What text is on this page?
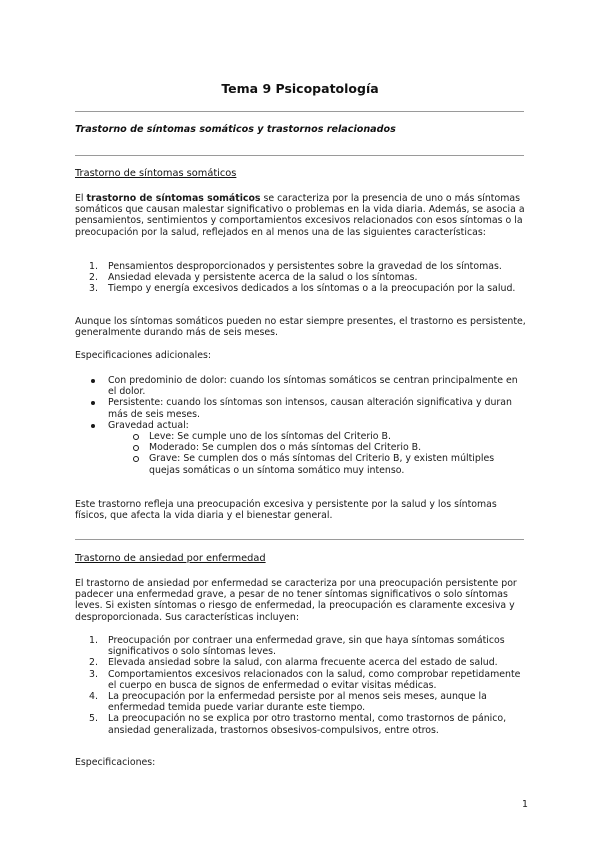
Tema 9 Psicopatología
Trastorno de síntomas somáticos y trastornos relacionados
Trastorno de síntomas somáticos

El trastorno de síntomas somáticos se caracteriza por la presencia de uno o más síntomas somáticos que causan malestar significativo o problemas en la vida diaria. Además, se asocia a pensamientos, sentimientos y comportamientos excesivos relacionados con esos síntomas o la preocupación por la salud, reflejados en al menos una de las siguientes características:

1. Pensamientos desproporcionados y persistentes sobre la gravedad de los síntomas.
2. Ansiedad elevada y persistente acerca de la salud o los síntomas.
3. Tiempo y energía excesivos dedicados a los síntomas o a la preocupación por la salud.

Aunque los síntomas somáticos pueden no estar siempre presentes, el trastorno es persistente, generalmente durando más de seis meses.

Especificaciones adicionales:

Con predominio de dolor: cuando los síntomas somáticos se centran principalmente en el dolor.
Persistente: cuando los síntomas son intensos, causan alteración significativa y duran más de seis meses.
Gravedad actual:
Leve: Se cumple uno de los síntomas del Criterio B.
Moderado: Se cumplen dos o más síntomas del Criterio B.
Grave: Se cumplen dos o más síntomas del Criterio B, y existen múltiples quejas somáticas o un síntoma somático muy intenso.

Este trastorno refleja una preocupación excesiva y persistente por la salud y los síntomas físicos, que afecta la vida diaria y el bienestar general.

Trastorno de ansiedad por enfermedad

El trastorno de ansiedad por enfermedad se caracteriza por una preocupación persistente por padecer una enfermedad grave, a pesar de no tener síntomas significativos o solo síntomas leves. Si existen síntomas o riesgo de enfermedad, la preocupación es claramente excesiva y desproporcionada. Sus características incluyen:

1. Preocupación por contraer una enfermedad grave, sin que haya síntomas somáticos significativos o solo síntomas leves.
2. Elevada ansiedad sobre la salud, con alarma frecuente acerca del estado de salud.
3. Comportamientos excesivos relacionados con la salud, como comprobar repetidamente el cuerpo en busca de signos de enfermedad o evitar visitas médicas.
4. La preocupación por la enfermedad persiste por al menos seis meses, aunque la enfermedad temida puede variar durante este tiempo.
5. La preocupación no se explica por otro trastorno mental, como trastornos de pánico, ansiedad generalizada, trastornos obsesivos-compulsivos, entre otros.

Especificaciones:

1
